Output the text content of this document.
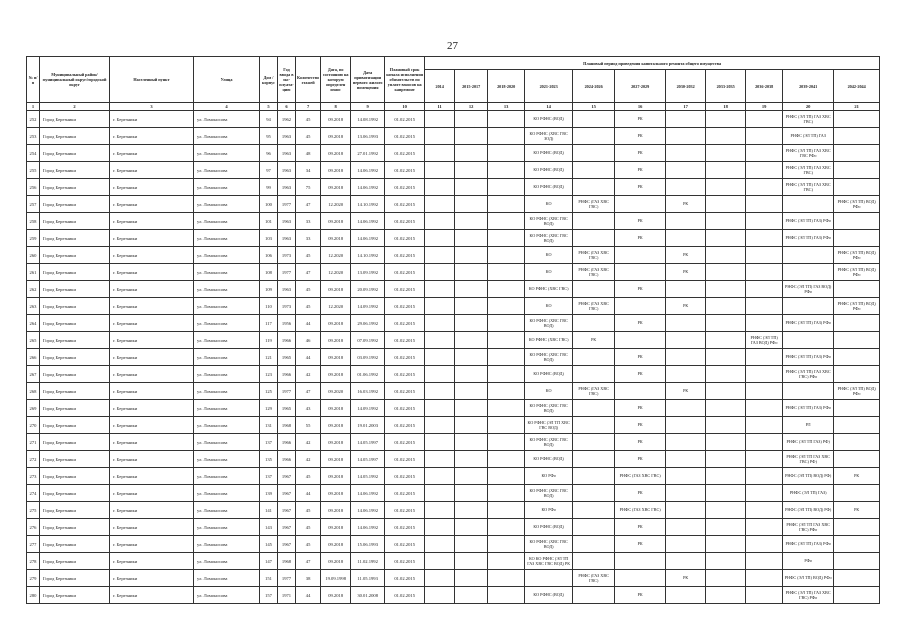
27
№ п/п	Муниципальный район/ муниципальный округ/городской округ	Населенный пункт	Улица	Дом / корпус	Год ввода в экс-плуата-цию	Количество этажей	Дата, по состоянию на которую определен износ	Дата приватизации первого жилого помещения	Плановый срок начала исполнения обязательств по уплате взносов на капремонт	Плановый период проведения капитального ремонта общего имущества										
										2014	2015-2017	2018-2020	2021-2023	2024-2026	2027-2029	2030-2032	2033-2035	2036-2038	2039-2041	2042-2044
1	2	3	4	5	6	7	8	9	10	11	12	13	14	15	16	17	18	19	20	21
252	Город Березники	г. Березники	ул. Ломоносова	94	1962	45	09.2018	14.08.1992	01.02.2015				КО РФНС (ВОД)		РК				РНФС (ЭЛ ТП) ГАЗ ХВС ГВС)	
253	Город Березники	г. Березники	ул. Ломоносова	95	1963	45	09.2018	13.06.1993	01.02.2015				КО РФНС (ХВС ГВС ЗОД)		РК				РНФС (ЭЛ ТП) ГАЗ	
254	Город Березники	г. Березники	ул. Ломоносова	96	1963	48	09.2018	27.01.1992	01.02.2015				КО РФНС (ВОД)		РК				РНФС (ЭЛ ТП) ГАЗ ХВС ГВС РФо	
255	Город Березники	г. Березники	ул. Ломоносова	97	1963	34	09.2018	14.06.1992	01.02.2015				КО РФНС (ВОД)		РК				РНФС (ЭЛ ТП) ГАЗ ХВС ГВС)	
256	Город Березники	г. Березники	ул. Ломоносова	99	1963	75	09.2018	14.06.1992	01.02.2015				КО РФНС (ВОД)		РК				РНФС (ЭЛ ТП) ГАЗ ХВС ГВС)	
257	Город Березники	г. Березники	ул. Ломоносова	100	1977	47	12.2020	14.10.1992	01.02.2015				КО	РНФС (ГАЗ ХВС ГВС)		РК				РНФС (ЭЛ ТП) ВОД) РФо
258	Город Березники	г. Березники	ул. Ломоносова	101	1963	33	09.2018	14.06.1992	01.02.2015				КО РФНС (ХВС ГВС ВОД)		РК				РНФС (ЭЛ ТП) ГАЗ) РФо	
259	Город Березники	г. Березники	ул. Ломоносова	103	1963	33	09.2018	14.06.1992	01.02.2015				КО РФНС (ХВС ГВС ВОД)		РК				РНФС (ЭЛ ТП) ГАЗ) РФо	
260	Город Березники	г. Березники	ул. Ломоносова	106	1973	45	12.2020	14.10.1992	01.02.2015				КО	РНФС (ГАЗ ХВС ГВС)		РК				РНФС (ЭЛ ТП) ВОД) РФо
261	Город Березники	г. Березники	ул. Ломоносова	108	1977	47	12.2020	13.09.1992	01.02.2015				КО	РНФС (ГАЗ ХВС ГВС)		РК				РНФС (ЭЛ ТП) ВОД) РФо
262	Город Березники	г. Березники	ул. Ломоносова	109	1963	45	09.2018	20.09.1992	01.02.2015				КО РФНС (ХВС ГВС)		РК				РНФС (ЭЛ ТП) ГАЗ ВОД) РФо	
263	Город Березники	г. Березники	ул. Ломоносова	110	1973	45	12.2020	14.09.1992	01.02.2015				КО	РНФС (ГАЗ ХВС ГВС)		РК				РНФС (ЭЛ ТП) ВОД) РФо
264	Город Березники	г. Березники	ул. Ломоносова	117	1956	44	09.2018	29.06.1992	01.02.2015				КО РФНС (ХВС ГВС ВОД)		РК				РНФС (ЭЛ ТП) ГАЗ) РФо	
265	Город Березники	г. Березники	ул. Ломоносова	119	1966	46	09.2018	07.09.1992	01.02.2015				КО РФНС (ХВС ГВС)	РК				РНФС (ЭЛ ТП) ГАЗ ВОД) РФо		
266	Город Березники	г. Березники	ул. Ломоносова	121	1965	44	09.2018	03.09.1992	01.02.2015				КО РФНС (ХВС ГВС ВОД)		РК				РНФС (ЭЛ ТП) ГАЗ) РФо	
267	Город Березники	г. Березники	ул. Ломоносова	123	1966	42	09.2018	01.06.1992	01.02.2015				КО РФНС (ВОД)		РК				РНФС (ЭЛ ТП) ГАЗ ХВС ГВС) РФо	
268	Город Березники	г. Березники	ул. Ломоносова	125	1977	47	09.2020	16.03.1992	01.02.2015				КО	РНФС (ГАЗ ХВС ГВС)		РК				РНФС (ЭЛ ТП) ВОД) РФо
269	Город Березники	г. Березники	ул. Ломоносова	129	1965	43	09.2018	14.09.1992	01.02.2015				КО РФНС (ХВС ГВС ВОД)		РК				РНФС (ЭЛ ТП) ГАЗ) РФо	
270	Город Березники	г. Березники	ул. Ломоносова	131	1968	55	09.2018	19.01.2003	01.02.2015				КО РФНС (ЭЛ ТП ХВС ГВС ВОД)		РК				РЛ	
271	Город Березники	г. Березники	ул. Ломоносова	137	1966	42	09.2018	14.05.1997	01.02.2015				КО РФНС (ХВС ГВС ВОД)		РК				РНФС (ЭЛ ТП ГАЗ) РФ)	
272	Город Березники	г. Березники	ул. Ломоносова	135	1966	42	09.2018	14.05.1997	01.02.2015				КО РФНС (ВОД)		РК				РНФС (ЭЛ ТП ГАЗ ХВС ГВС) РФ)	
273	Город Березники	г. Березники	ул. Ломоносова	137	1967	45	09.2018	14.05.1992	01.02.2015				КО РФо		РНФС (ГАЗ ХВС ГВС)				РНФС (ЭЛ ТП) ВОД) РФ)	РК
274	Город Березники	г. Березники	ул. Ломоносова	139	1967	44	09.2018	14.06.1992	01.02.2015				КО РФНС (ХВС ГВС ВОД)		РК				РНФС (ЭЛ ТП) ГАЗ)	
275	Город Березники	г. Березники	ул. Ломоносова	141	1967	45	09.2018	14.06.1992	01.02.2015				КО РФо		РНФС (ГАЗ ХВС ГВС)				РНФС (ЭЛ ТП) ВОД) РФ)	РК
276	Город Березники	г. Березники	ул. Ломоносова	143	1967	45	09.2018	14.06.1992	01.02.2015				КО РФНС (ВОД)		РК				РНФС (ЭЛ ТП ГАЗ ХВС ГВС) РФо	
277	Город Березники	г. Березники	ул. Ломоносова	145	1967	45	09.2018	15.06.1993	01.02.2015				КО РФНС (ХВС ГВС ВОД)		РК				РНФС (ЭЛ ТП) ГАЗ) РФо	
278	Город Березники	г. Березники	ул. Ломоносова	147	1968	47	09.2018	11.02.1992	01.02.2015				КО КО РФНС (ЭЛ ТП ГАЗ ХВС ГВС ВОД) РК						РФо	
279	Город Березники	г. Березники	ул. Ломоносова	151	1977	38	19.09.1998	11.05.1993	01.02.2015					РНФС (ГАЗ ХВС ГВС)		РК			РНФС (ЭЛ ТП) ВОД) РФо	
280	Город Березники	г. Березники	ул. Ломоносова	157	1971	44	09.2018	30.01.2008	01.02.2015				КО РФНС (ВОД)		РК				РНФС (ЭЛ ТП) ГАЗ ХВС ГВС) РФо	
